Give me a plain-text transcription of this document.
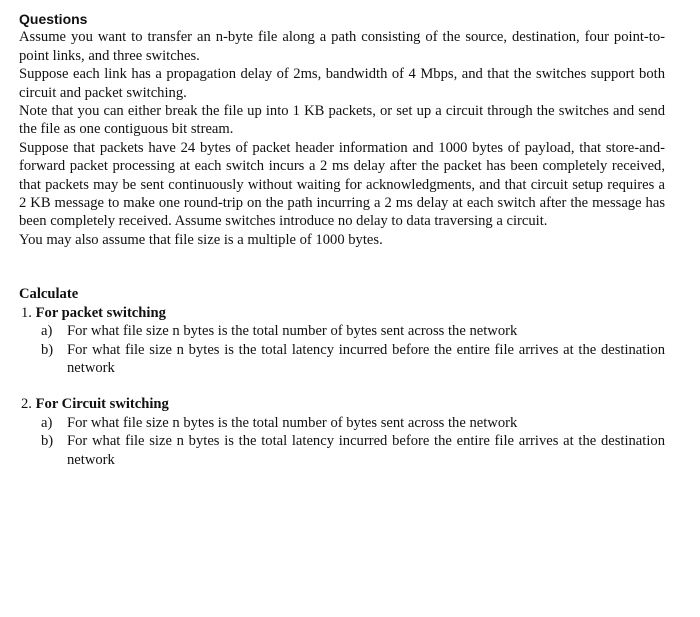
Questions

Assume you want to transfer an n-byte file along a path consisting of the source, destination, four point-to-point links, and three switches.

Suppose each link has a propagation delay of 2ms, bandwidth of 4 Mbps, and that the switches support both circuit and packet switching.

Note that you can either break the file up into 1 KB packets, or set up a circuit through the switches and send the file as one contiguous bit stream.

Suppose that packets have 24 bytes of packet header information and 1000 bytes of payload, that store-and-forward packet processing at each switch incurs a 2 ms delay after the packet has been completely received, that packets may be sent continuously without waiting for acknowledgments, and that circuit setup requires a 2 KB message to make one round-trip on the path incurring a 2 ms delay at each switch after the message has been completely received. Assume switches introduce no delay to data traversing a circuit.

You may also assume that file size is a multiple of 1000 bytes.

Calculate

1. For packet switching

a) For what file size n bytes is the total number of bytes sent across the network
b) For what file size n bytes is the total latency incurred before the entire file arrives at the destination network

2. For Circuit switching

a) For what file size n bytes is the total number of bytes sent across the network
b) For what file size n bytes is the total latency incurred before the entire file arrives at the destination network
